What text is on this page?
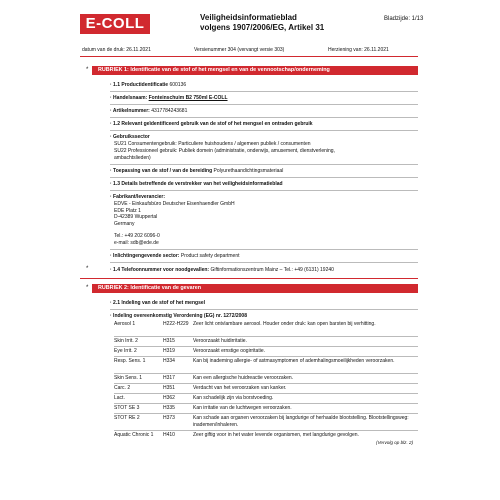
E-COLL	Veiligheidsinformatieblad
volgens 1907/2006/EG, Artikel 31
Bladzijde: 1/13
datum van de druk: 26.11.2021	Versienummer 304 (vervangt versie 303)	Herziening van: 26.11.2021
*	RUBRIEK 1: Identificatie van de stof of het mengsel en van de vennootschap/onderneming
· 1.1 Productidentificatie 600136
· Handelsnaam: Fonteinschuim B2 750ml E-COLL
· Artikelnummer: 4317784243681
· 1.2 Relevant geïdentificeerd gebruik van de stof of het mengsel en ontraden gebruik
· Gebruikssector
SU21 Consumentengebruik: Particuliere huishoudens / algemeen publiek / consumenten
SU22 Professioneel gebruik: Publiek domein (administratie, onderwijs, amusement, dienstverlening,
ambachtslieden)
· Toepassing van de stof / van de bereiding Polyurethaandichtingsmateriaal
· 1.3 Details betreffende de verstrekker van het veiligheidsinformatieblad
· Fabrikant/leverancier:
EDVE - Einkaufsbüro Deutscher Eisenhaendler GmbH
EDE Platz 1
D-42389 Wuppertal
Germany
Tel.: +49 202 6096-0
e-mail: sdb@ede.de
· Inlichtingengevende sector: Product safety department
*	· 1.4 Telefoonnummer voor noodgevallen: Giftinformationszentrum Mainz – Tel.: +49 (6131) 19240
*	RUBRIEK 2: Identificatie van de gevaren
· 2.1 Indeling van de stof of het mengsel
· Indeling overeenkomstig Verordening (EG) nr. 1272/2008
Aerosol 1	H222-H229 Zeer licht ontvlambare aerosol. Houder onder druk: kan open barsten bij verhitting.
Skin Irrit. 2	H315	Veroorzaakt huidirritatie.
Eye Irrit. 2	H319	Veroorzaakt ernstige oogirritatie.
Resp. Sens. 1	H334	Kan bij inademing allergie- of astmasymptomen of ademhalingsmoeilijkheden veroorzaken.
Skin Sens. 1	H317	Kan een allergische huidreactie veroorzaken.
Carc. 2	H351	Verdacht van het veroorzaken van kanker.
Lact.	H362	Kan schadelijk zijn via borstvoeding.
STOT SE 3	H335	Kan irritatie van de luchtwegen veroorzaken.
STOT RE 2	H373	Kan schade aan organen veroorzaken bij langdurige of herhaalde blootstelling. Blootstellingsweg: inademen/inhaleren.
Aquatic Chronic 1 H410	Zeer giftig voor in het water levende organismen, met langdurige gevolgen.
(Vervolg op blz. 2)
